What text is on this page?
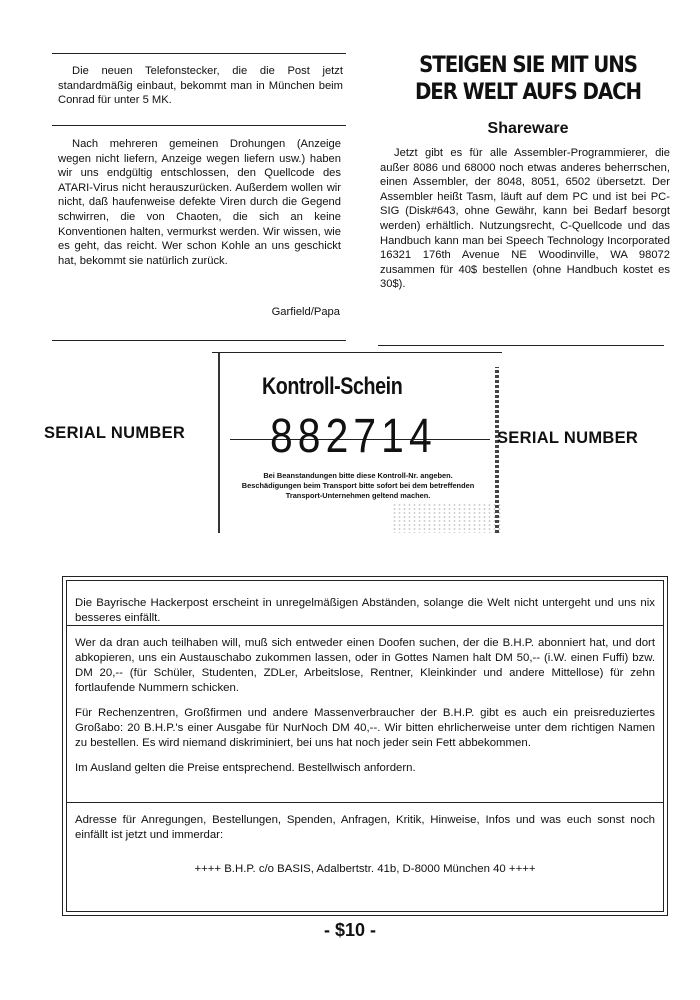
Die neuen Telefonstecker, die die Post jetzt standardmäßig einbaut, bekommt man in München beim Conrad für unter 5 MK.
Nach mehreren gemeinen Drohungen (Anzeige wegen nicht liefern, Anzeige wegen liefern usw.) haben wir uns endgültig entschlossen, den Quellcode des ATARI-Virus nicht herauszurücken. Außerdem wollen wir nicht, daß haufenweise defekte Viren durch die Gegend schwirren, die von Chaoten, die sich an keine Konventionen halten, vermurkst werden. Wir wissen, wie es geht, das reicht. Wer schon Kohle an uns geschickt hat, bekommt sie natürlich zurück.
Garfield/Papa
STEIGEN SIE MIT UNS
DER WELT AUFS DACH
Shareware
Jetzt gibt es für alle Assembler-Programmierer, die außer 8086 und 68000 noch etwas anderes beherrschen, einen Assembler, der 8048, 8051, 6502 übersetzt. Der Assembler heißt Tasm, läuft auf dem PC und ist bei PC-SIG (Disk#643, ohne Gewähr, kann bei Bedarf besorgt werden) erhältlich. Nutzungsrecht, C-Quellcode und das Handbuch kann man bei Speech Technology Incorporated 16321 176th Avenue NE Woodinville, WA 98072 zusammen für 40$ bestellen (ohne Handbuch kostet es 30$).
SERIAL NUMBER
Kontroll-Schein
882714
Bei Beanstandungen bitte diese Kontroll-Nr. angeben. Beschädigungen beim Transport bitte sofort bei dem betreffenden Transport-Unternehmen geltend machen.
SERIAL NUMBER
Die Bayrische Hackerpost erscheint in unregelmäßigen Abständen, solange die Welt nicht untergeht und uns nix besseres einfällt.
Wer da dran auch teilhaben will, muß sich entweder einen Doofen suchen, der die B.H.P. abonniert hat, und dort abkopieren, uns ein Austauschabo zukommen lassen, oder in Gottes Namen halt DM 50,-- (i.W. einen Fuffi) bzw. DM 20,-- (für Schüler, Studenten, ZDLer, Arbeitslose, Rentner, Kleinkinder und andere Mittellose) für zehn fortlaufende Nummern schicken.
Für Rechenzentren, Großfirmen und andere Massenverbraucher der B.H.P. gibt es auch ein preisreduziertes Großabo: 20 B.H.P.'s einer Ausgabe für NurNoch DM 40,--. Wir bitten ehrlicherweise unter dem richtigen Namen zu bestellen. Es wird niemand diskriminiert, bei uns hat noch jeder sein Fett abbekommen.
Im Ausland gelten die Preise entsprechend. Bestellwisch anfordern.
Adresse für Anregungen, Bestellungen, Spenden, Anfragen, Kritik, Hinweise, Infos und was euch sonst noch einfällt ist jetzt und immerdar:
++++ B.H.P. c/o BASIS, Adalbertstr. 41b, D-8000 München 40 ++++
- $10 -
